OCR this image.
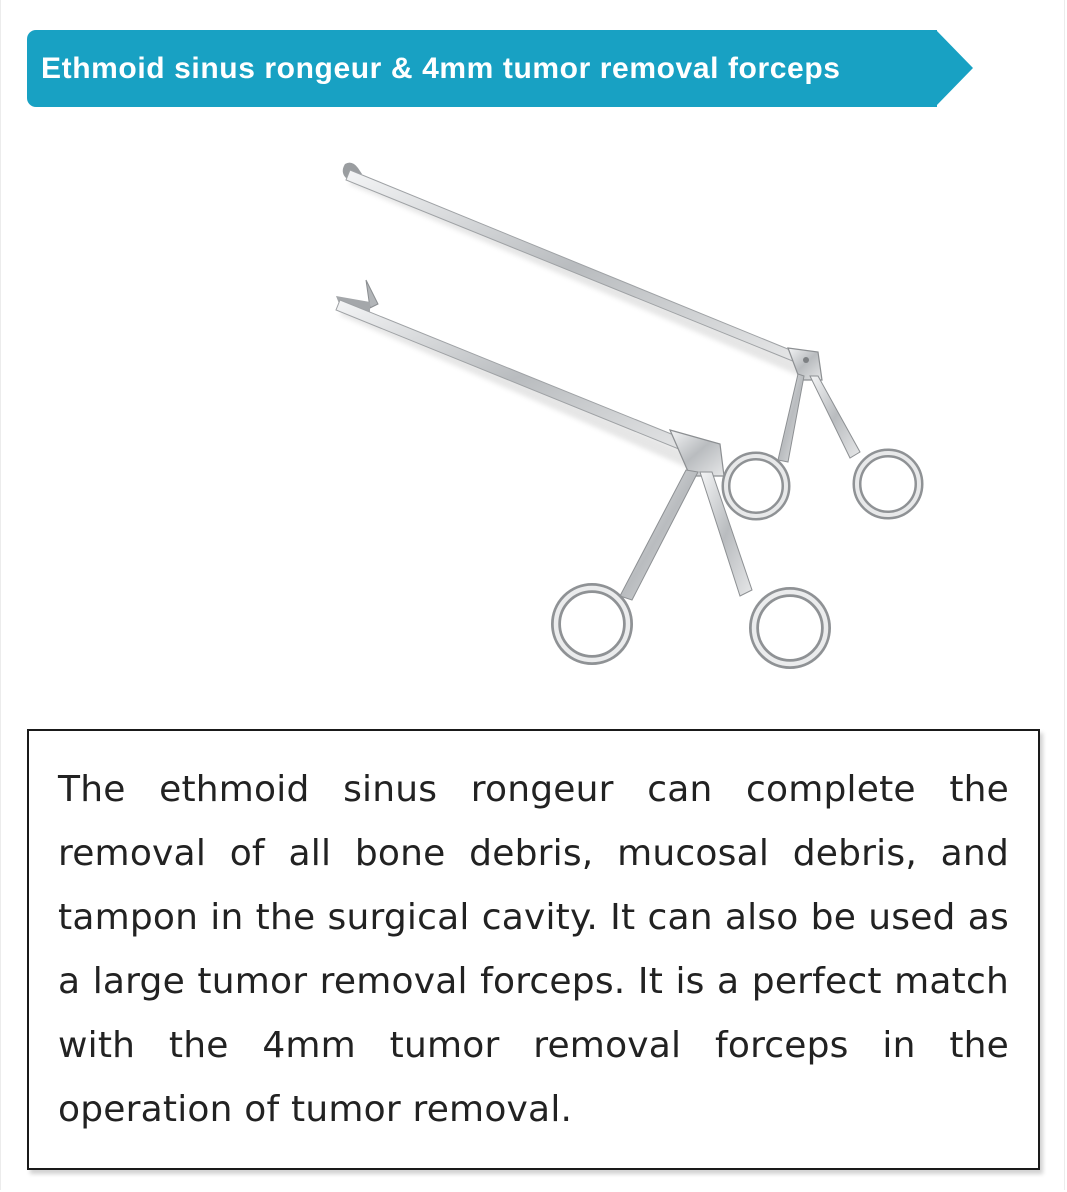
Ethmoid sinus rongeur & 4mm tumor removal forceps

The ethmoid sinus rongeur can complete the removal of all bone debris, mucosal debris, and tampon in the surgical cavity. It can also be used as a large tumor removal forceps. It is a perfect match with the 4mm tumor removal forceps in the operation of tumor removal.
